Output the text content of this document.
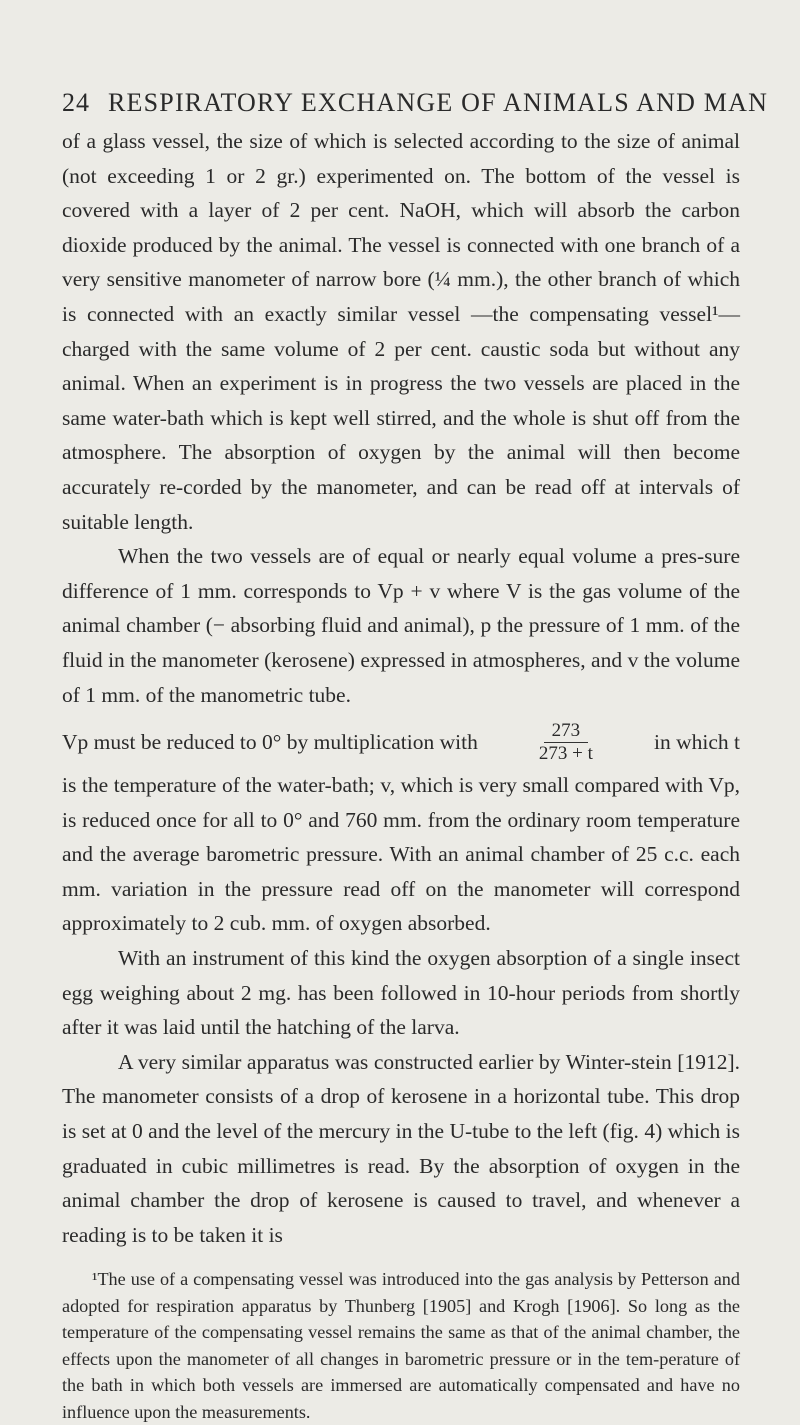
24 RESPIRATORY EXCHANGE OF ANIMALS AND MAN

of a glass vessel, the size of which is selected according to the size of animal (not exceeding 1 or 2 gr.) experimented on. The bottom of the vessel is covered with a layer of 2 per cent. NaOH, which will absorb the carbon dioxide produced by the animal. The vessel is connected with one branch of a very sensitive manometer of narrow bore (¼ mm.), the other branch of which is connected with an exactly similar vessel —the compensating vessel¹—charged with the same volume of 2 per cent. caustic soda but without any animal. When an experiment is in progress the two vessels are placed in the same water-bath which is kept well stirred, and the whole is shut off from the atmosphere. The absorption of oxygen by the animal will then become accurately re-corded by the manometer, and can be read off at intervals of suitable length.

When the two vessels are of equal or nearly equal volume a pres-sure difference of 1 mm. corresponds to Vp + v where V is the gas volume of the animal chamber (− absorbing fluid and animal), p the pressure of 1 mm. of the fluid in the manometer (kerosene) expressed in atmospheres, and v the volume of 1 mm. of the manometric tube.

Vp must be reduced to 0° by multiplication with	$\frac{273}{273 + t}$	in which t

is the temperature of the water-bath; v, which is very small compared with Vp, is reduced once for all to 0° and 760 mm. from the ordinary room temperature and the average barometric pressure. With an animal chamber of 25 c.c. each mm. variation in the pressure read off on the manometer will correspond approximately to 2 cub. mm. of oxygen absorbed.

With an instrument of this kind the oxygen absorption of a single insect egg weighing about 2 mg. has been followed in 10-hour periods from shortly after it was laid until the hatching of the larva.

A very similar apparatus was constructed earlier by Winter-stein [1912]. The manometer consists of a drop of kerosene in a horizontal tube. This drop is set at 0 and the level of the mercury in the U-tube to the left (fig. 4) which is graduated in cubic millimetres is read. By the absorption of oxygen in the animal chamber the drop of kerosene is caused to travel, and whenever a reading is to be taken it is

¹The use of a compensating vessel was introduced into the gas analysis by Petterson and adopted for respiration apparatus by Thunberg [1905] and Krogh [1906]. So long as the temperature of the compensating vessel remains the same as that of the animal chamber, the effects upon the manometer of all changes in barometric pressure or in the tem-perature of the bath in which both vessels are immersed are automatically compensated and have no influence upon the measurements.
